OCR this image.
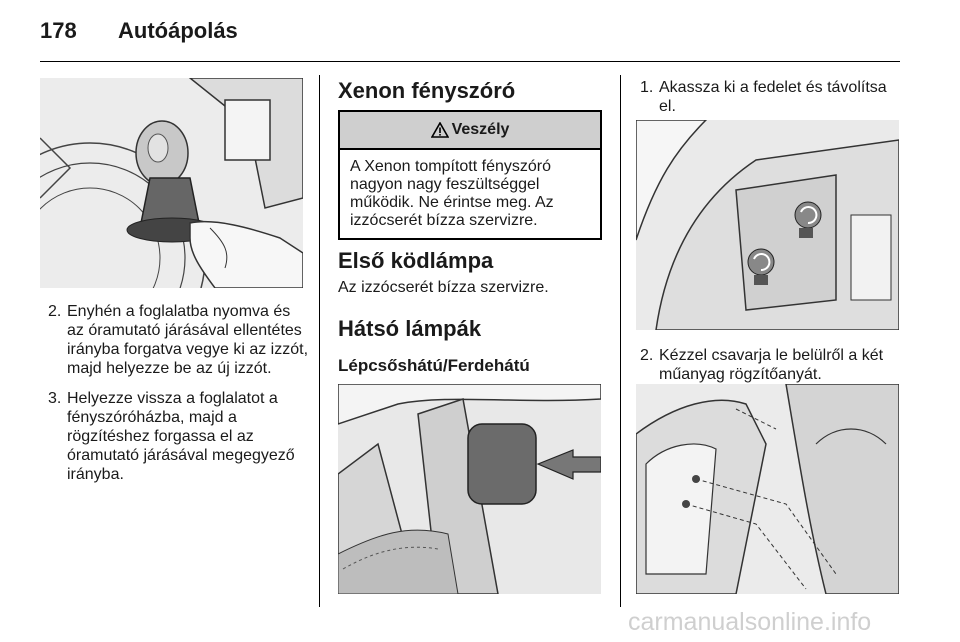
178 Autóápolás
2. Enyhén a foglalatba nyomva és az óramutató járásával ellentétes irányba forgatva vegye ki az izzót, majd helyezze be az új izzót.
3. Helyezze vissza a foglalatot a fényszóróházba, majd a rögzítéshez forgassa el az óramutató járásával megegyező irányba.
Xenon fényszóró
Veszély
A Xenon tompított fényszóró nagyon nagy feszültséggel működik. Ne érintse meg. Az izzócserét bízza szervizre.
Első ködlámpa
Az izzócserét bízza szervizre.
Hátsó lámpák
Lépcsőshátú/Ferdehátú
1. Akassza ki a fedelet és távolítsa el.
2. Kézzel csavarja le belülről a két műanyag rögzítőanyát.
carmanualsonline.info
